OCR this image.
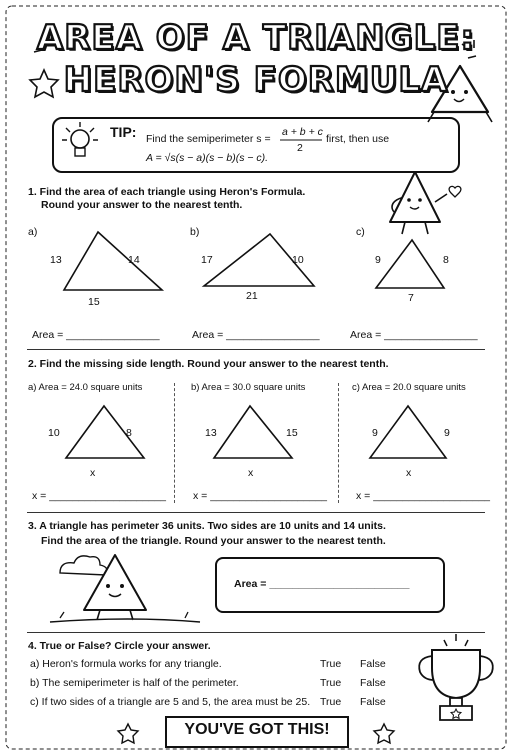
AREA OF A TRIANGLE:
HERON'S FORMULA
TIP: Find the semiperimeter s =
a + b + c
2
first, then use
A = √s(s − a)(s − b)(s − c).
1. Find the area of each triangle using Heron's Formula.
Round your answer to the nearest tenth.
a)
13	14
15
Area = ________________
b)
17	10
21
Area = ________________
c)
9	8
7
Area = ________________
2. Find the missing side length. Round your answer to the nearest tenth.
a) Area = 24.0 square units
10	8
x
x = ____________________
b) Area = 30.0 square units
13	15
x
x = ____________________
c) Area = 20.0 square units
9	9
x
x = ____________________
3. A triangle has perimeter 36 units. Two sides are 10 units and 14 units.
Find the area of the triangle. Round your answer to the nearest tenth.
Area = ________________________
4. True or False? Circle your answer.
a) Heron's formula works for any triangle.	True False
b) The semiperimeter is half of the perimeter.	True False
c) If two sides of a triangle are 5 and 5, the area must be 25. True False
YOU'VE GOT THIS!
